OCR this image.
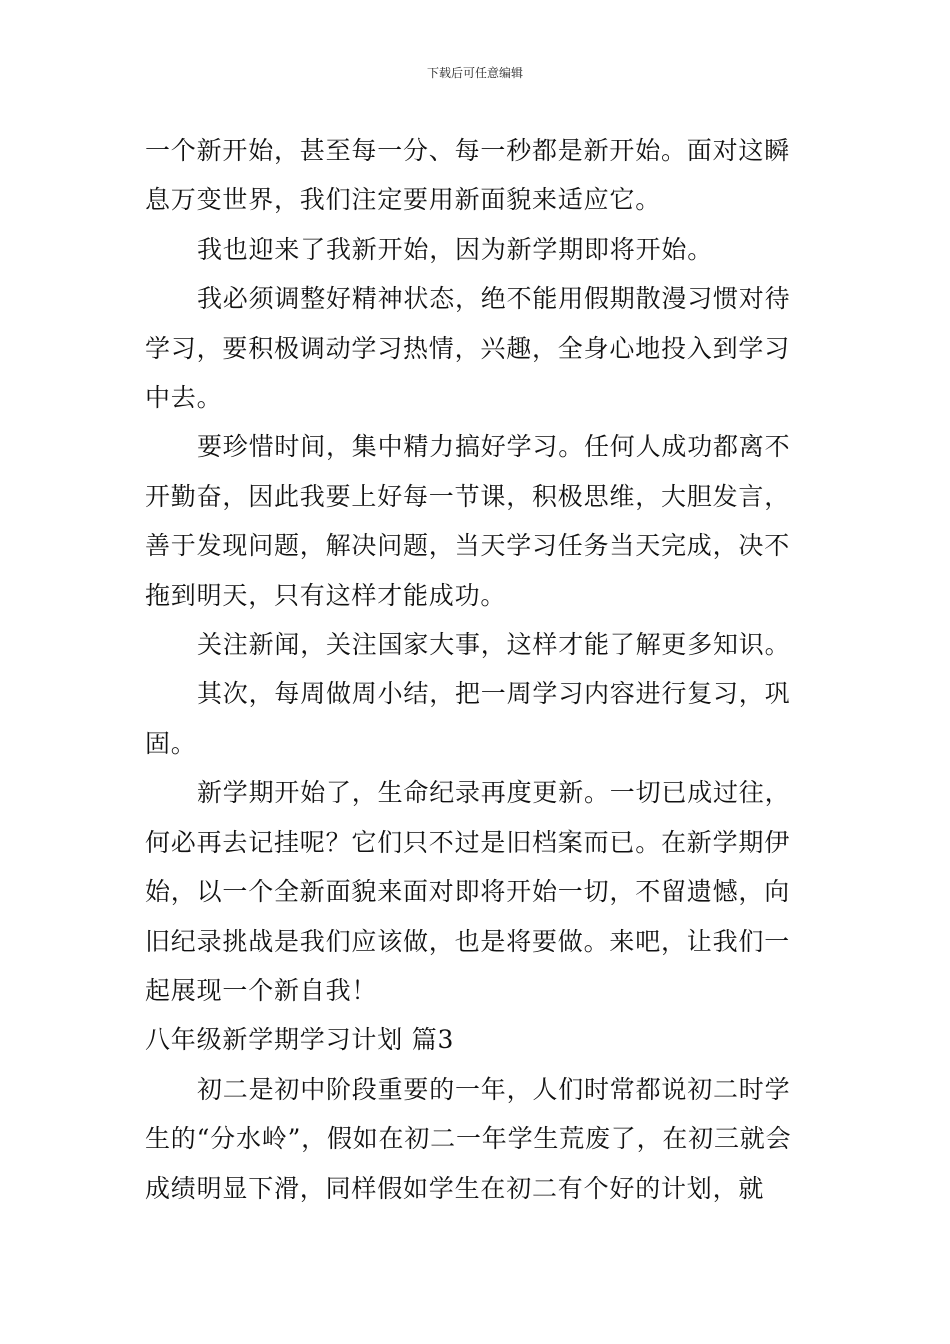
下载后可任意编辑

一个新开始，甚至每一分、每一秒都是新开始。面对这瞬息万变世界，我们注定要用新面貌来适应它。

我也迎来了我新开始，因为新学期即将开始。

我必须调整好精神状态，绝不能用假期散漫习惯对待学习，要积极调动学习热情，兴趣，全身心地投入到学习中去。

要珍惜时间，集中精力搞好学习。任何人成功都离不开勤奋，因此我要上好每一节课，积极思维，大胆发言，善于发现问题，解决问题，当天学习任务当天完成，决不拖到明天，只有这样才能成功。

关注新闻，关注国家大事，这样才能了解更多知识。

其次，每周做周小结，把一周学习内容进行复习，巩固。

新学期开始了，生命纪录再度更新。一切已成过往，何必再去记挂呢？它们只不过是旧档案而已。在新学期伊始，以一个全新面貌来面对即将开始一切，不留遗憾，向旧纪录挑战是我们应该做，也是将要做。来吧，让我们一起展现一个新自我！

八年级新学期学习计划 篇3

初二是初中阶段重要的一年，人们时常都说初二时学生的“分水岭”，假如在初二一年学生荒废了，在初三就会成绩明显下滑，同样假如学生在初二有个好的计划，就
